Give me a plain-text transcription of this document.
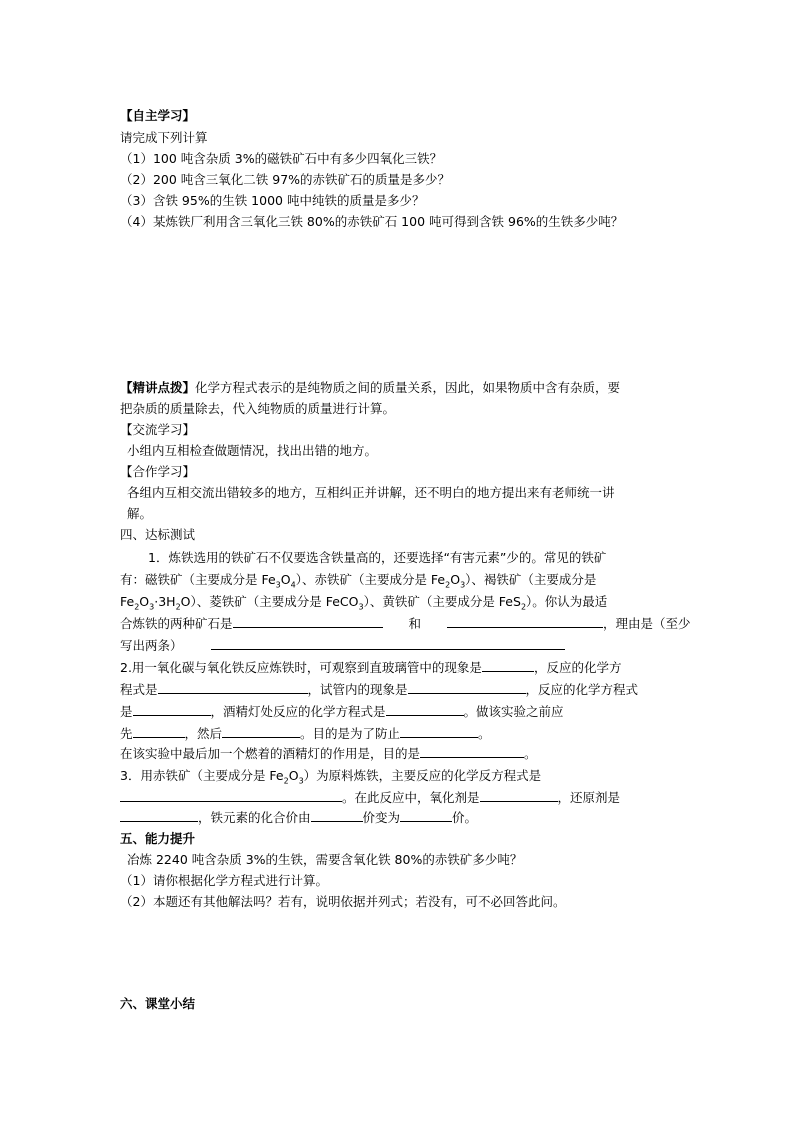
【自主学习】
请完成下列计算
（1）100 吨含杂质 3%的磁铁矿石中有多少四氧化三铁？
（2）200 吨含三氧化二铁 97%的赤铁矿石的质量是多少？
（3）含铁 95%的生铁 1000 吨中纯铁的质量是多少？
（4）某炼铁厂利用含三氧化三铁 80%的赤铁矿石 100 吨可得到含铁 96%的生铁多少吨？
【精讲点拨】化学方程式表示的是纯物质之间的质量关系，因此，如果物质中含有杂质，要
把杂质的质量除去，代入纯物质的质量进行计算。
【交流学习】
小组内互相检查做题情况，找出出错的地方。
【合作学习】
各组内互相交流出错较多的地方，互相纠正并讲解，还不明白的地方提出来有老师统一讲
解。
四、达标测试
1．炼铁选用的铁矿石不仅要选含铁量高的，还要选择“有害元素”少的。常见的铁矿
有：磁铁矿（主要成分是 $Fe_3O_4$）、赤铁矿（主要成分是 $Fe_2O_3$）、褐铁矿（主要成分是
$Fe_2O_3\cdot 3H_2O$）、菱铁矿（主要成分是 FeCO$_3$）、黄铁矿（主要成分是 FeS$_2$）。你认为最适
合炼铁的两种矿石是	和	，理由是（至少
写出两条）
2.用一氧化碳与氧化铁反应炼铁时，可观察到直玻璃管中的现象是	，反应的化学方
程式是	，试管内的现象是	，反应的化学方程式
是	，酒精灯处反应的化学方程式是	。做该实验之前应
先	，然后	。目的是为了防止	。
在该实验中最后加一个燃着的酒精灯的作用是，目的是	。
3．用赤铁矿（主要成分是 $Fe_2O_3$）为原料炼铁，主要反应的化学反方程式是
。在此反应中，氧化剂是	，还原剂是
，铁元素的化合价由	价变为	价。
五、能力提升
冶炼 2240 吨含杂质 3%的生铁，需要含氧化铁 80%的赤铁矿多少吨？
（1）请你根据化学方程式进行计算。
（2）本题还有其他解法吗？若有，说明依据并列式；若没有，可不必回答此问。
六、课堂小结
